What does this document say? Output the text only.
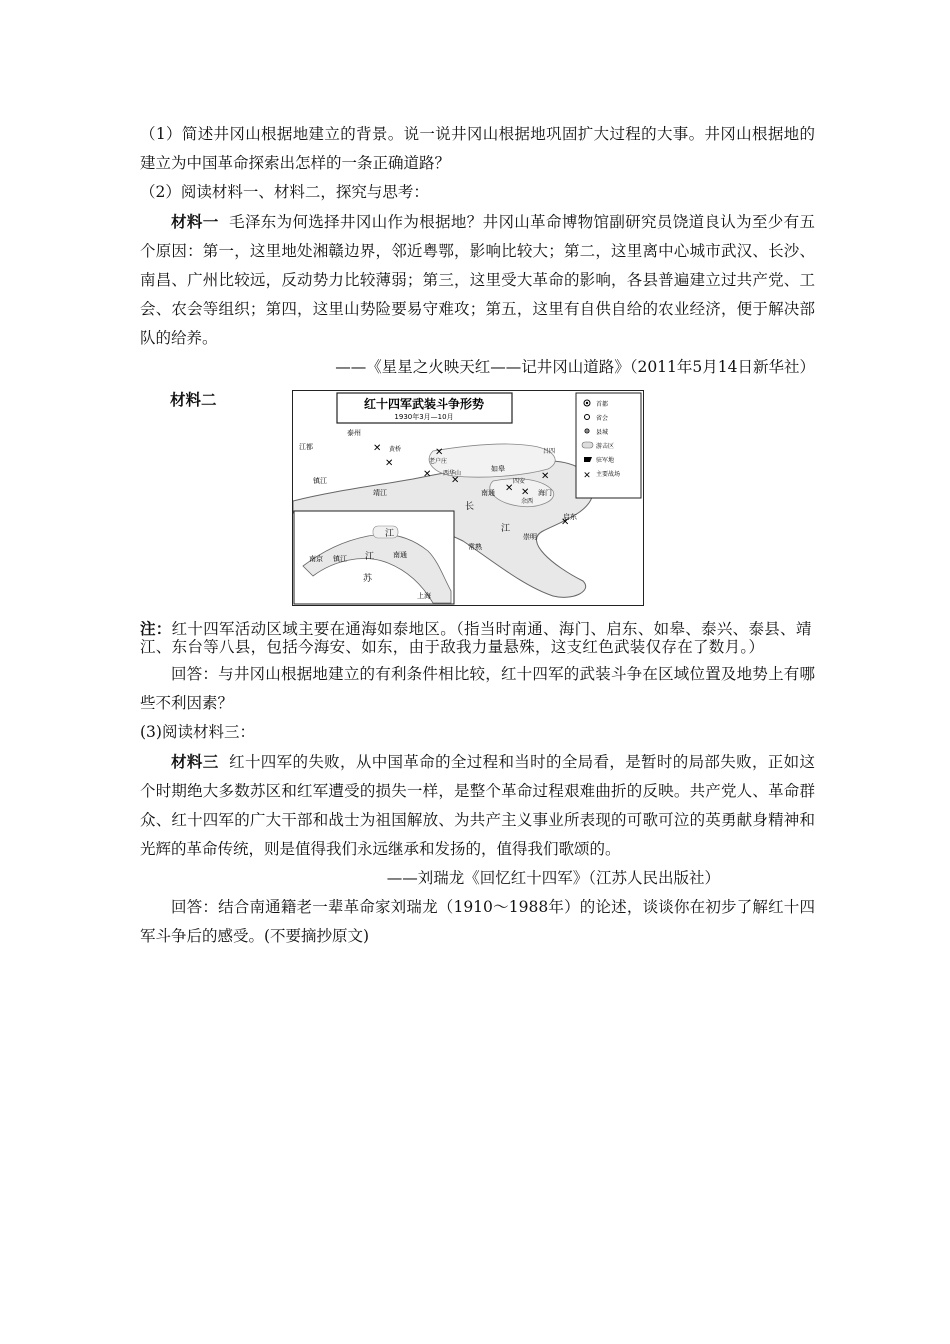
（1）简述井冈山根据地建立的背景。说一说井冈山根据地巩固扩大过程的大事。井冈山根据地的建立为中国革命探索出怎样的一条正确道路？

（2）阅读材料一、材料二，探究与思考：

材料一 毛泽东为何选择井冈山作为根据地？井冈山革命博物馆副研究员饶道良认为至少有五个原因：第一，这里地处湘赣边界，邻近粤鄂，影响比较大；第二，这里离中心城市武汉、长沙、南昌、广州比较远，反动势力比较薄弱；第三，这里受大革命的影响，各县普遍建立过共产党、工会、农会等组织；第四，这里山势险要易守难攻；第五，这里有自供自给的农业经济，便于解决部队的给养。

——《星星之火映天红——记井冈山道路》（2011年5月14日新华社）

材料二	红十四军武装斗争形势
1930年3月—10月
首都
省会
县城
游击区
驻军地
✕ 主要战场
泰州
江都
镇江
靖江	南通
如皋
海门
启东
崇明
长
江
黄桥
老户庄
西华山
四安
余西
吕四
✕
✕
✕
✕
✕
✕ ✕
✕
✕
南京 镇江	南通
江
江
苏
上海
常熟

注：红十四军活动区域主要在通海如泰地区。（指当时南通、海门、启东、如皋、泰兴、泰县、靖江、东台等八县，包括今海安、如东，由于敌我力量悬殊，这支红色武装仅存在了数月。）

回答：与井冈山根据地建立的有利条件相比较，红十四军的武装斗争在区域位置及地势上有哪些不利因素？

(3)阅读材料三：

材料三 红十四军的失败，从中国革命的全过程和当时的全局看，是暂时的局部失败，正如这个时期绝大多数苏区和红军遭受的损失一样，是整个革命过程艰难曲折的反映。共产党人、革命群众、红十四军的广大干部和战士为祖国解放、为共产主义事业所表现的可歌可泣的英勇献身精神和光辉的革命传统，则是值得我们永远继承和发扬的，值得我们歌颂的。

——刘瑞龙《回忆红十四军》（江苏人民出版社）

回答：结合南通籍老一辈革命家刘瑞龙（1910～1988年）的论述，谈谈你在初步了解红十四军斗争后的感受。(不要摘抄原文)
